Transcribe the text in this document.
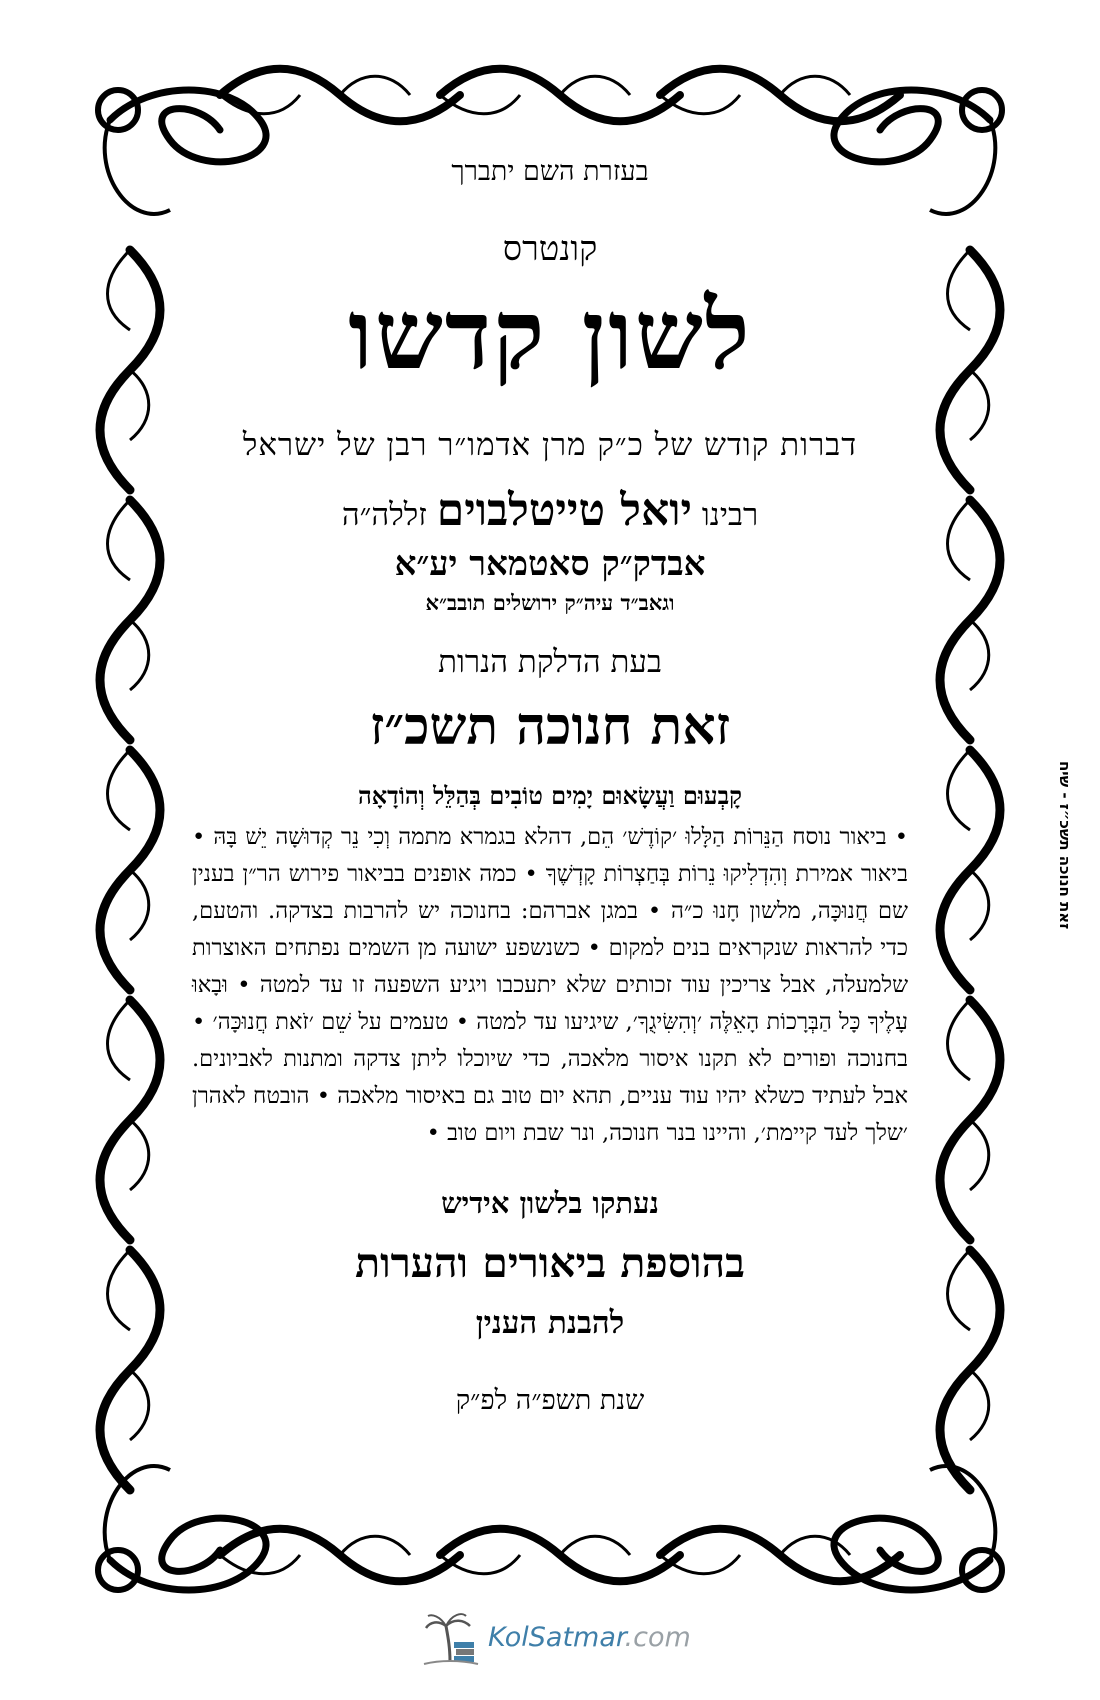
בעזרת השם יתברך
קונטרס
לשון קדשו
דברות קודש של כ״ק מרן אדמו״ר רבן של ישראל
רבינו יואל טייטלבוים זללה״ה
אבדק״ק סאטמאר יע״א
וגאב״ד עיה״ק ירושלים תובב״א
בעת הדלקת הנרות
זאת חנוכה תשכ״ז
קָבְעוּם וַעֲשָׂאוּם יָמִים טוֹבִים בְּהַלֵּל וְהוֹדָאָה
• ביאור נוסח הַנֵּרוֹת הַלָּלוּ ׳קוֹדֶשׁ׳ הֵם, דהלא בגמרא מתמה וְכִי נֵר קְדוּשָׁה יֵשׁ בָּהּ • ביאור אמירת וְהִדְלִיקוּ נֵרוֹת בְּחַצְרוֹת קָדְשֶׁךָ • כמה אופנים בביאור פירוש הר״ן בענין שם חֲנוּכָּה, מלשון חָנוּ כ״ה • במגן אברהם: בחנוכה יש להרבות בצדקה. והטעם, כדי להראות שנקראים בנים למקום • כשנשפע ישועה מן השמים נפתחים האוצרות שלמעלה, אבל צריכין עוד זכותים שלא יתעכבו ויגיע השפעה זו עד למטה • וּבָאוּ עָלֶיךָ כָּל הַבְּרָכוֹת הָאֵלֶּה ׳וְהִשִּׂיגֻךָ׳, שיגיעו עד למטה • טעמים על שֵׁם ׳זֹאת חֲנוּכָּה׳ • בחנוכה ופורים לא תקנו איסור מלאכה, כדי שיוכלו ליתן צדקה ומתנות לאביונים. אבל לעתיד כשלא יהיו עוד עניים, תהא יום טוב גם באיסור מלאכה • הובטח לאהרן ׳שלך לעד קיימת׳, והיינו בנר חנוכה, ונר שבת ויום טוב •
נעתקו בלשון אידיש
בהוספת ביאורים והערות
להבנת הענין
שנת תשפ״ה לפ״ק
זאת חנוכה תשכ״ז - שיח
KolSatmar.com
